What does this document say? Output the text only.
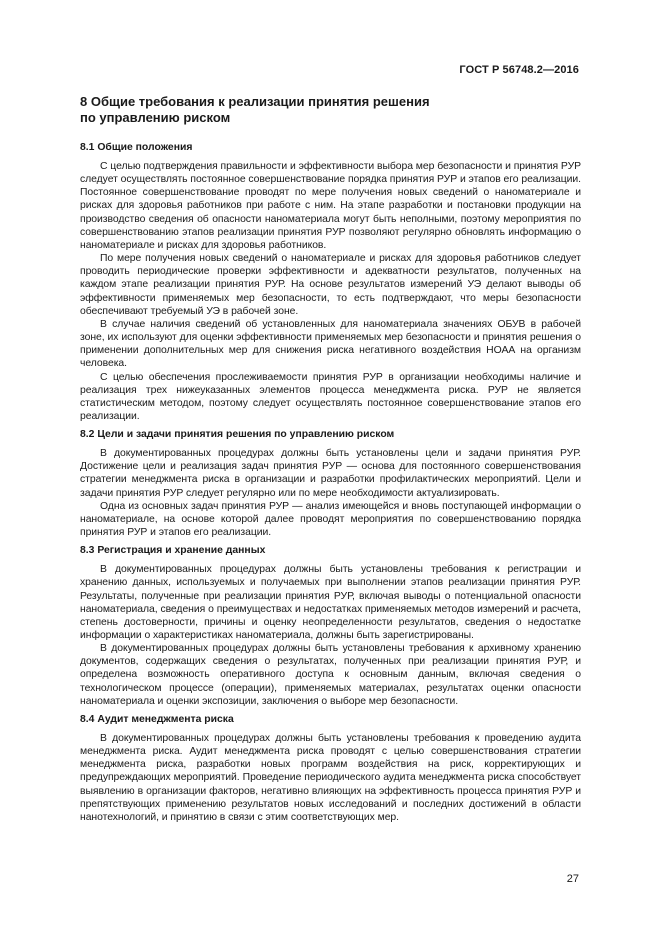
ГОСТ Р 56748.2—2016
8 Общие требования к реализации принятия решения
по управлению риском
8.1 Общие положения

С целью подтверждения правильности и эффективности выбора мер безопасности и принятия РУР следует осуществлять постоянное совершенствование порядка принятия РУР и этапов его реализации. Постоянное совершенствование проводят по мере получения новых сведений о наноматериале и рисках для здоровья работников при работе с ним. На этапе разработки и постановки продукции на производство сведения об опасности наноматериала могут быть неполными, поэтому мероприятия по совершенствованию этапов реализации принятия РУР позволяют регулярно обновлять информацию о наноматериале и рисках для здоровья работников.

По мере получения новых сведений о наноматериале и рисках для здоровья работников следует проводить периодические проверки эффективности и адекватности результатов, полученных на каждом этапе реализации принятия РУР. На основе результатов измерений УЭ делают выводы об эффективности применяемых мер безопасности, то есть подтверждают, что меры безопасности обеспечивают требуемый УЭ в рабочей зоне.

В случае наличия сведений об установленных для наноматериала значениях ОБУВ в рабочей зоне, их используют для оценки эффективности применяемых мер безопасности и принятия решения о применении дополнительных мер для снижения риска негативного воздействия НОАА на организм человека.

С целью обеспечения прослеживаемости принятия РУР в организации необходимы наличие и реализация трех нижеуказанных элементов процесса менеджмента риска. РУР не является статистическим методом, поэтому следует осуществлять постоянное совершенствование этапов его реализации.

8.2 Цели и задачи принятия решения по управлению риском

В документированных процедурах должны быть установлены цели и задачи принятия РУР. Достижение цели и реализация задач принятия РУР — основа для постоянного совершенствования стратегии менеджмента риска в организации и разработки профилактических мероприятий. Цели и задачи принятия РУР следует регулярно или по мере необходимости актуализировать.

Одна из основных задач принятия РУР — анализ имеющейся и вновь поступающей информации о наноматериале, на основе которой далее проводят мероприятия по совершенствованию порядка принятия РУР и этапов его реализации.

8.3 Регистрация и хранение данных

В документированных процедурах должны быть установлены требования к регистрации и хранению данных, используемых и получаемых при выполнении этапов реализации принятия РУР. Результаты, полученные при реализации принятия РУР, включая выводы о потенциальной опасности наноматериала, сведения о преимуществах и недостатках применяемых методов измерений и расчета, степень достоверности, причины и оценку неопределенности результатов, сведения о недостатке информации о характеристиках наноматериала, должны быть зарегистрированы.

В документированных процедурах должны быть установлены требования к архивному хранению документов, содержащих сведения о результатах, полученных при реализации принятия РУР, и определена возможность оперативного доступа к основным данным, включая сведения о технологическом процессе (операции), применяемых материалах, результатах оценки опасности наноматериала и оценки экспозиции, заключения о выборе мер безопасности.

8.4 Аудит менеджмента риска

В документированных процедурах должны быть установлены требования к проведению аудита менеджмента риска. Аудит менеджмента риска проводят с целью совершенствования стратегии менеджмента риска, разработки новых программ воздействия на риск, корректирующих и предупреждающих мероприятий. Проведение периодического аудита менеджмента риска способствует выявлению в организации факторов, негативно влияющих на эффективность процесса принятия РУР и препятствующих применению результатов новых исследований и последних достижений в области нанотехнологий, и принятию в связи с этим соответствующих мер.

27
